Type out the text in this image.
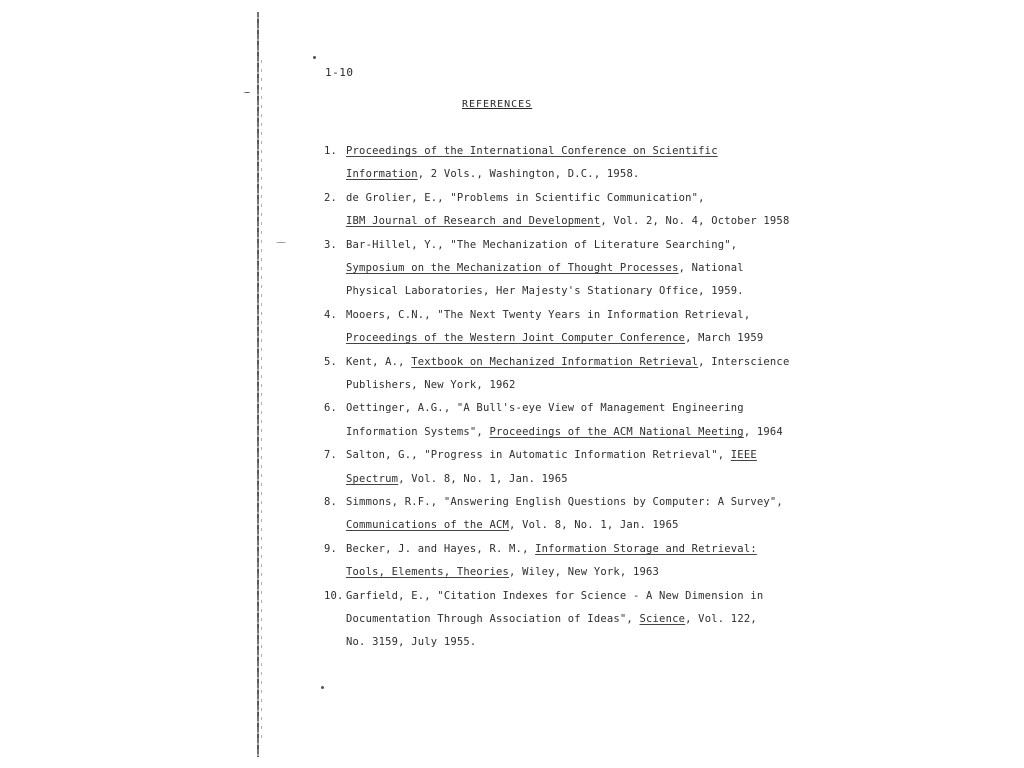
1-10
REFERENCES
1. Proceedings of the International Conference on Scientific
Information, 2 Vols., Washington, D.C., 1958.
2. de Grolier, E., "Problems in Scientific Communication",
IBM Journal of Research and Development, Vol. 2, No. 4, October 1958
3. Bar-Hillel, Y., "The Mechanization of Literature Searching",
Symposium on the Mechanization of Thought Processes, National
Physical Laboratories, Her Majesty's Stationary Office, 1959.
4. Mooers, C.N., "The Next Twenty Years in Information Retrieval,
Proceedings of the Western Joint Computer Conference, March 1959
5. Kent, A., Textbook on Mechanized Information Retrieval, Interscience
Publishers, New York, 1962
6. Oettinger, A.G., "A Bull's-eye View of Management Engineering
Information Systems", Proceedings of the ACM National Meeting, 1964
7. Salton, G., "Progress in Automatic Information Retrieval", IEEE
Spectrum, Vol. 8, No. 1, Jan. 1965
8. Simmons, R.F., "Answering English Questions by Computer: A Survey",
Communications of the ACM, Vol. 8, No. 1, Jan. 1965
9. Becker, J. and Hayes, R. M., Information Storage and Retrieval:
Tools, Elements, Theories, Wiley, New York, 1963
10. Garfield, E., "Citation Indexes for Science - A New Dimension in
Documentation Through Association of Ideas", Science, Vol. 122,
No. 3159, July 1955.
